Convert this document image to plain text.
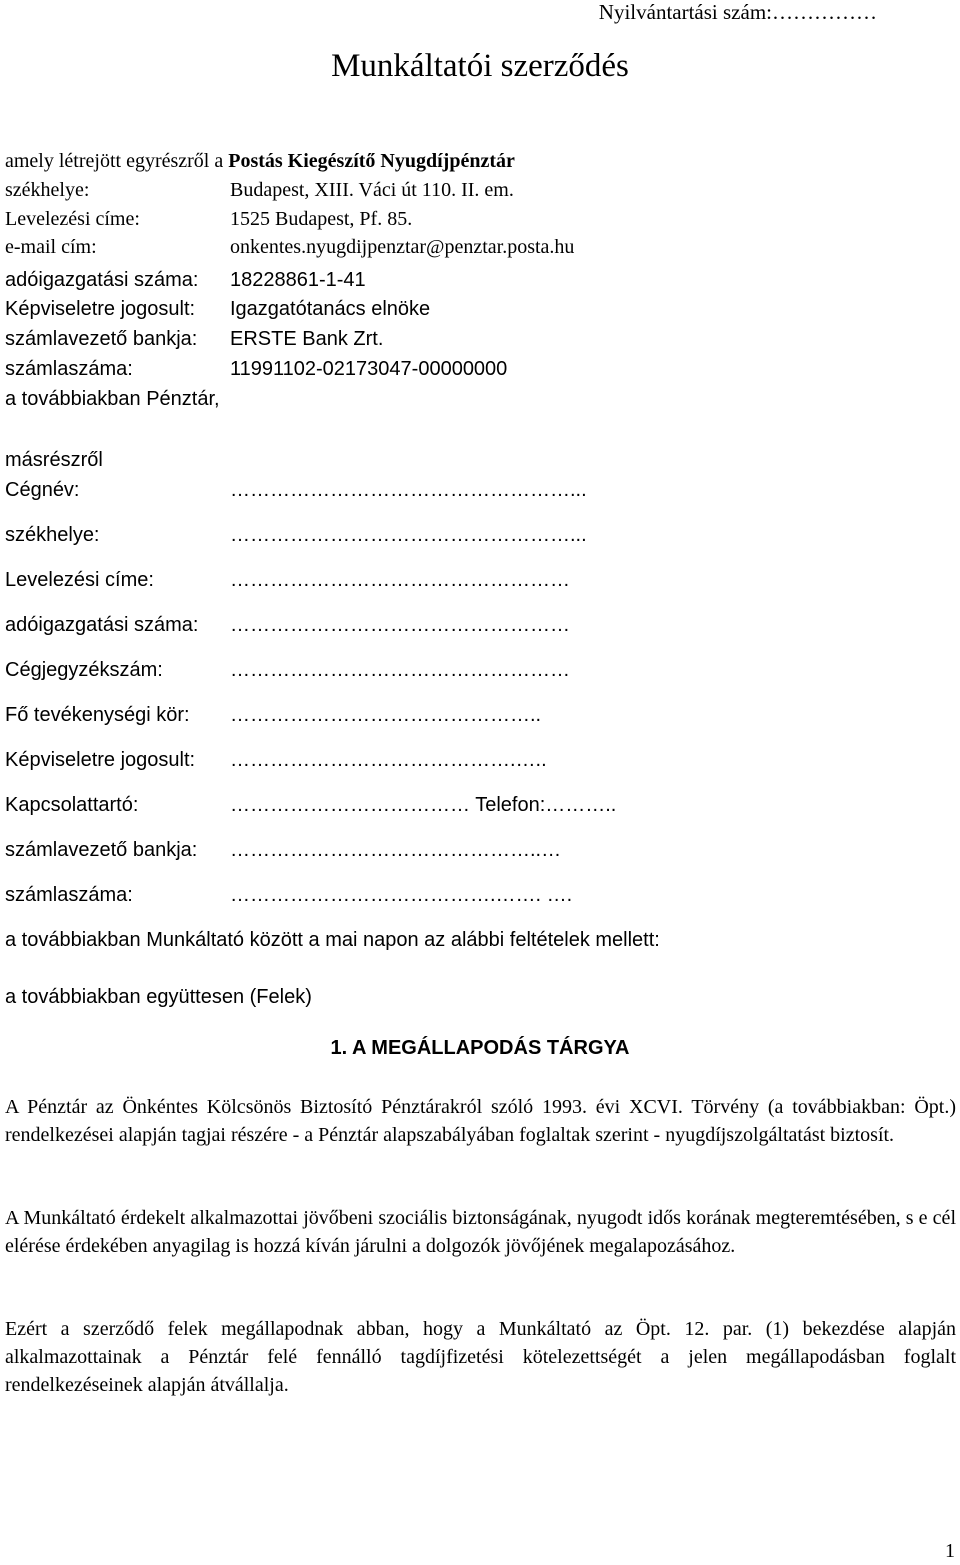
Nyilvántartási szám:……………
Munkáltatói szerződés
amely létrejött egyrészről a Postás Kiegészítő Nyugdíjpénztár
székhelye:	Budapest, XIII. Váci út 110. II. em.
Levelezési címe:	1525 Budapest, Pf. 85.
e-mail cím:	onkentes.nyugdijpenztar@penztar.posta.hu
adóigazgatási száma: 18228861-1-41
Képviseletre jogosult: Igazgatótanács elnöke
számlavezető bankja: ERSTE Bank Zrt.
számlaszáma:	11991102-02173047-00000000
a továbbiakban Pénztár,
másrészről
Cégnév:	……………………………………………...
székhelye:	……………………………………………...
Levelezési címe:	……………………………………………
adóigazgatási száma: ……………………………………………
Cégjegyzékszám:	……………………………………………
Fő tevékenységi kör: ………………………………………..
Képviseletre jogosult: …………………………………….…..
Kapcsolattartó:	……………………………… Telefon:………..
számlavezető bankja: ………………………………………..…
számlaszáma:	………………………………….……. ….
a továbbiakban Munkáltató között a mai napon az alábbi feltételek mellett:
a továbbiakban együttesen (Felek)
1. A MEGÁLLAPODÁS TÁRGYA
A Pénztár az Önkéntes Kölcsönös Biztosító Pénztárakról szóló 1993. évi XCVI. Törvény (a továbbiakban: Öpt.) rendelkezései alapján tagjai részére - a Pénztár alapszabályában foglaltak szerint - nyugdíjszolgáltatást biztosít.
A Munkáltató érdekelt alkalmazottai jövőbeni szociális biztonságának, nyugodt idős korának megteremtésében, s e cél elérése érdekében anyagilag is hozzá kíván járulni a dolgozók jövőjének megalapozásához.
Ezért a szerződő felek megállapodnak abban, hogy a Munkáltató az Öpt. 12. par. (1) bekezdése alapján alkalmazottainak a Pénztár felé fennálló tagdíjfizetési kötelezettségét a jelen megállapodásban foglalt rendelkezéseinek alapján átvállalja.
1
